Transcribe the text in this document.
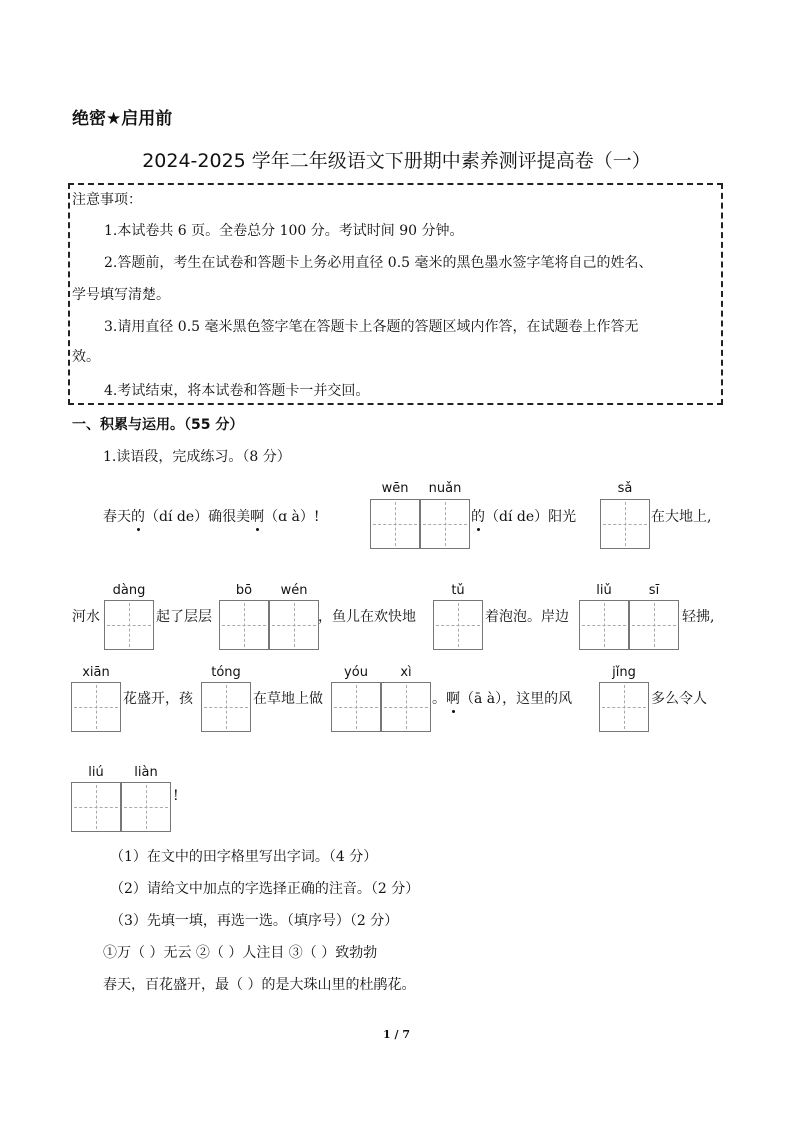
绝密★启用前
2024-2025 学年二年级语文下册期中素养测评提高卷（一）
注意事项：
1.本试卷共 6 页。全卷总分 100 分。考试时间 90 分钟。
2.答题前，考生在试卷和答题卡上务必用直径 0.5 毫米的黑色墨水签字笔将自己的姓名、
学号填写清楚。
3.请用直径 0.5 毫米黑色签字笔在答题卡上各题的答题区域内作答，在试题卷上作答无
效。
4.考试结束，将本试卷和答题卡一并交回。
一、积累与运用。（55 分）
1.读语段，完成练习。（8 分）
wēn	nuǎn	sǎ
春天的（dí de）确很美啊（ɑ à）!	的（dí de）阳光	在大地上,
dàng	bō	wén	tǔ	liǔ	sī
河水	起了层层	，鱼儿在欢快地	着泡泡。岸边	轻拂,
xiān	tóng	yóu	xì	jǐng
花盛开，孩	在草地上做	。啊（ā à），这里的风	多么令人
liú	liàn
!
（1）在文中的田字格里写出字词。（4 分）
（2）请给文中加点的字选择正确的注音。（2 分）
（3）先填一填，再选一选。（填序号）（2 分）
①万（ ）无云 ②（ ）人注目 ③（ ）致勃勃
春天，百花盛开，最（ ）的是大珠山里的杜鹃花。
1 / 7
